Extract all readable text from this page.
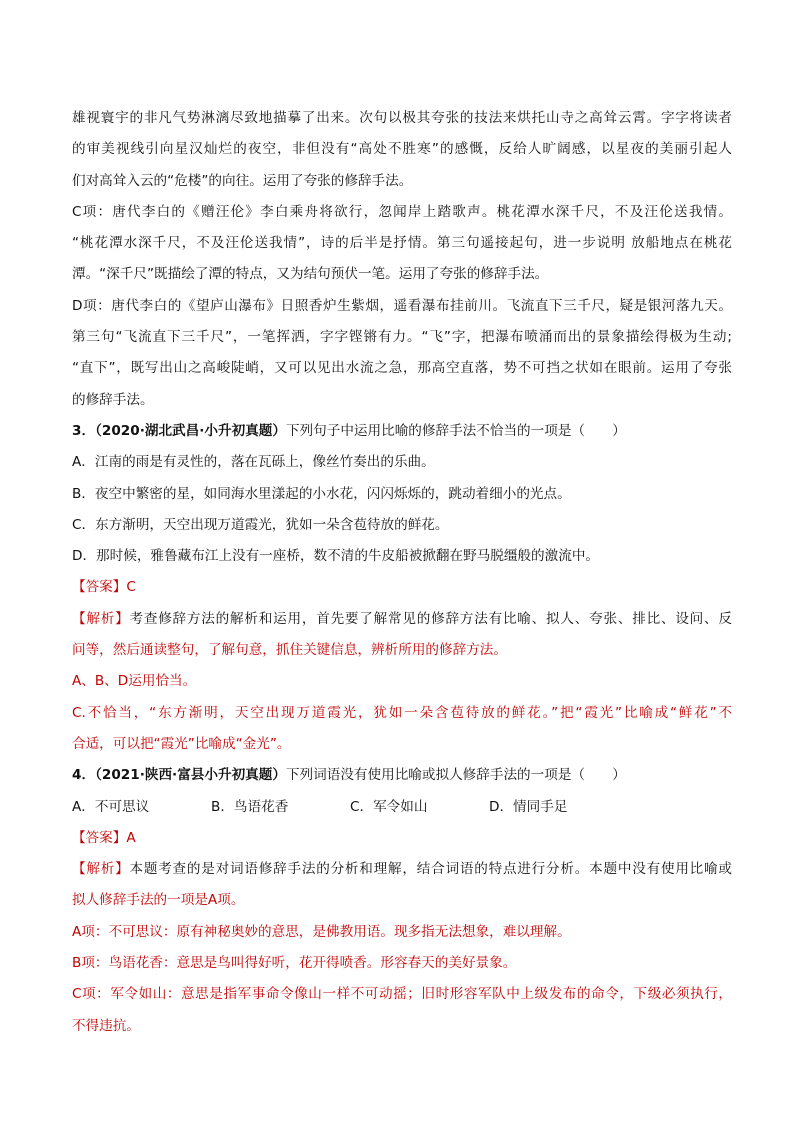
雄视寰宇的非凡气势淋漓尽致地描摹了出来。次句以极其夸张的技法来烘托山寺之高耸云霄。字字将读者
的审美视线引向星汉灿烂的夜空，非但没有“高处不胜寒”的感慨，反给人旷阔感，以星夜的美丽引起人
们对高耸入云的“危楼”的向往。运用了夸张的修辞手法。
C项：唐代李白的《赠汪伦》李白乘舟将欲行，忽闻岸上踏歌声。桃花潭水深千尺，不及汪伦送我情。
“桃花潭水深千尺，不及汪伦送我情”，诗的后半是抒情。第三句遥接起句，进一步说明 放船地点在桃花
潭。“深千尺”既描绘了潭的特点，又为结句预伏一笔。运用了夸张的修辞手法。
D项：唐代李白的《望庐山瀑布》日照香炉生紫烟，遥看瀑布挂前川。飞流直下三千尺，疑是银河落九天。
第三句“飞流直下三千尺”，一笔挥洒，字字铿锵有力。“飞”字，把瀑布喷涌而出的景象描绘得极为生动;
“直下”，既写出山之高峻陡峭，又可以见出水流之急，那高空直落，势不可挡之状如在眼前。运用了夸张
的修辞手法。
3．（2020·湖北武昌·小升初真题）下列句子中运用比喻的修辞手法不恰当的一项是（　　）
A．江南的雨是有灵性的，落在瓦砾上，像丝竹奏出的乐曲。
B．夜空中繁密的星，如同海水里漾起的小水花，闪闪烁烁的，跳动着细小的光点。
C．东方渐明，天空出现万道霞光，犹如一朵含苞待放的鲜花。
D．那时候，雅鲁藏布江上没有一座桥，数不清的牛皮船被掀翻在野马脱缰般的激流中。
【答案】C
【解析】考查修辞方法的解析和运用，首先要了解常见的修辞方法有比喻、拟人、夸张、排比、设问、反
问等，然后通读整句，了解句意，抓住关键信息，辨析所用的修辞方法。
A、B、D运用恰当。
C.不恰当，“东方渐明，天空出现万道霞光，犹如一朵含苞待放的鲜花。”把“霞光”比喻成“鲜花”不
合适，可以把“霞光”比喻成“金光”。
4．（2021·陕西·富县小升初真题）下列词语没有使用比喻或拟人修辞手法的一项是（　　）
A．不可思议	B．鸟语花香	C．军令如山	D．情同手足
【答案】A
【解析】本题考查的是对词语修辞手法的分析和理解，结合词语的特点进行分析。本题中没有使用比喻或
拟人修辞手法的一项是A项。
A项：不可思议：原有神秘奥妙的意思，是佛教用语。现多指无法想象，难以理解。
B项：鸟语花香：意思是鸟叫得好听，花开得喷香。形容春天的美好景象。
C项：军令如山：意思是指军事命令像山一样不可动摇；旧时形容军队中上级发布的命令，下级必须执行，
不得违抗。
